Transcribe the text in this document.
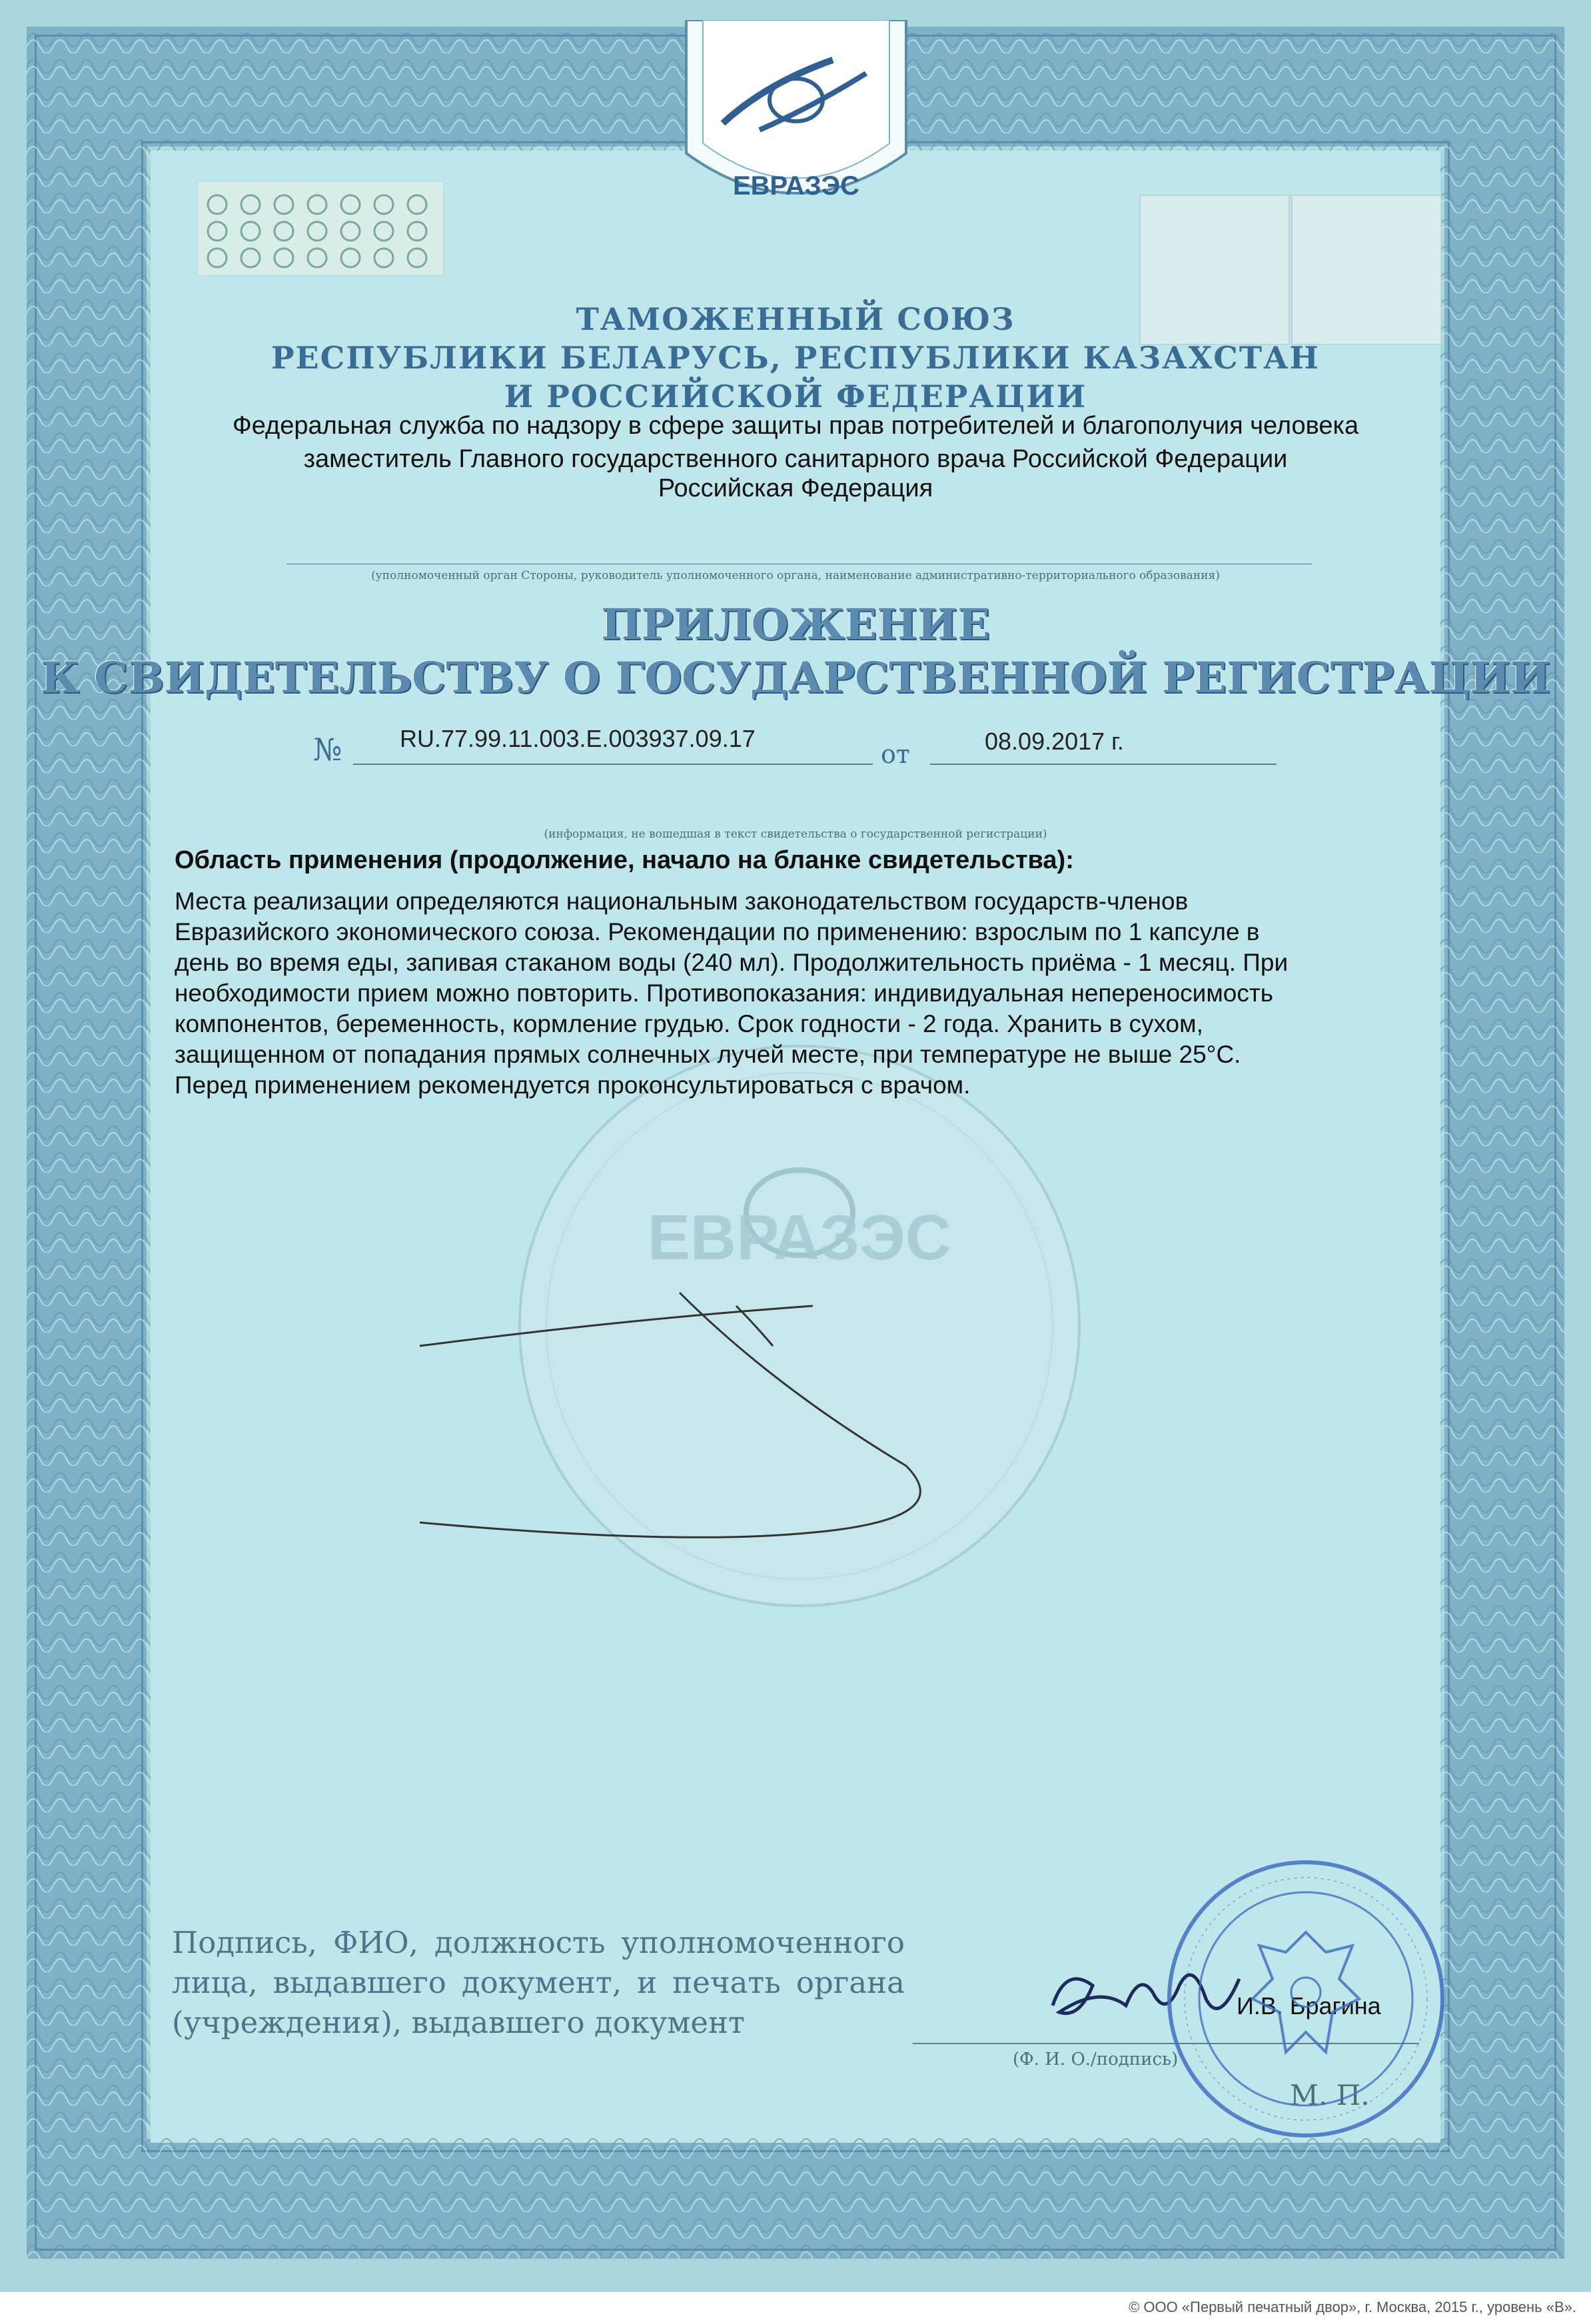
ЕВРАЗЭС
ТАМОЖЕННЫЙ СОЮЗ
РЕСПУБЛИКИ БЕЛАРУСЬ, РЕСПУБЛИКИ КАЗАХСТАН
И РОССИЙСКОЙ ФЕДЕРАЦИИ
Федеральная служба по надзору в сфере защиты прав потребителей и благополучия человека
заместитель Главного государственного санитарного врача Российской Федерации
Российская Федерация
(уполномоченный орган Стороны, руководитель уполномоченного органа, наименование административно-территориального образования)
ПРИЛОЖЕНИЕ
К СВИДЕТЕЛЬСТВУ О ГОСУДАРСТВЕННОЙ РЕГИСТРАЦИИ
№ RU.77.99.11.003.E.003937.09.17
от	08.09.2017 г.
(информация, не вошедшая в текст свидетельства о государственной регистрации)
ЕВРАЗЭС
Область применения (продолжение, начало на бланке свидетельства):
Места реализации определяются национальным законодательством государств-членов
Евразийского экономического союза. Рекомендации по применению: взрослым по 1 капсуле в
день во время еды, запивая стаканом воды (240 мл). Продолжительность приёма - 1 месяц. При
необходимости прием можно повторить. Противопоказания: индивидуальная непереносимость
компонентов, беременность, кормление грудью. Срок годности - 2 года. Хранить в сухом,
защищенном от попадания прямых солнечных лучей месте, при температуре не выше 25°С.
Перед применением рекомендуется проконсультироваться с врачом.
Подпись, ФИО, должность уполномоченного лица, выдавшего документ, и печать органа (учреждения), выдавшего документ	И.В. Брагина
(Ф. И. О./подпись)
М. П.
© ООО «Первый печатный двор», г. Москва, 2015 г., уровень «В».
